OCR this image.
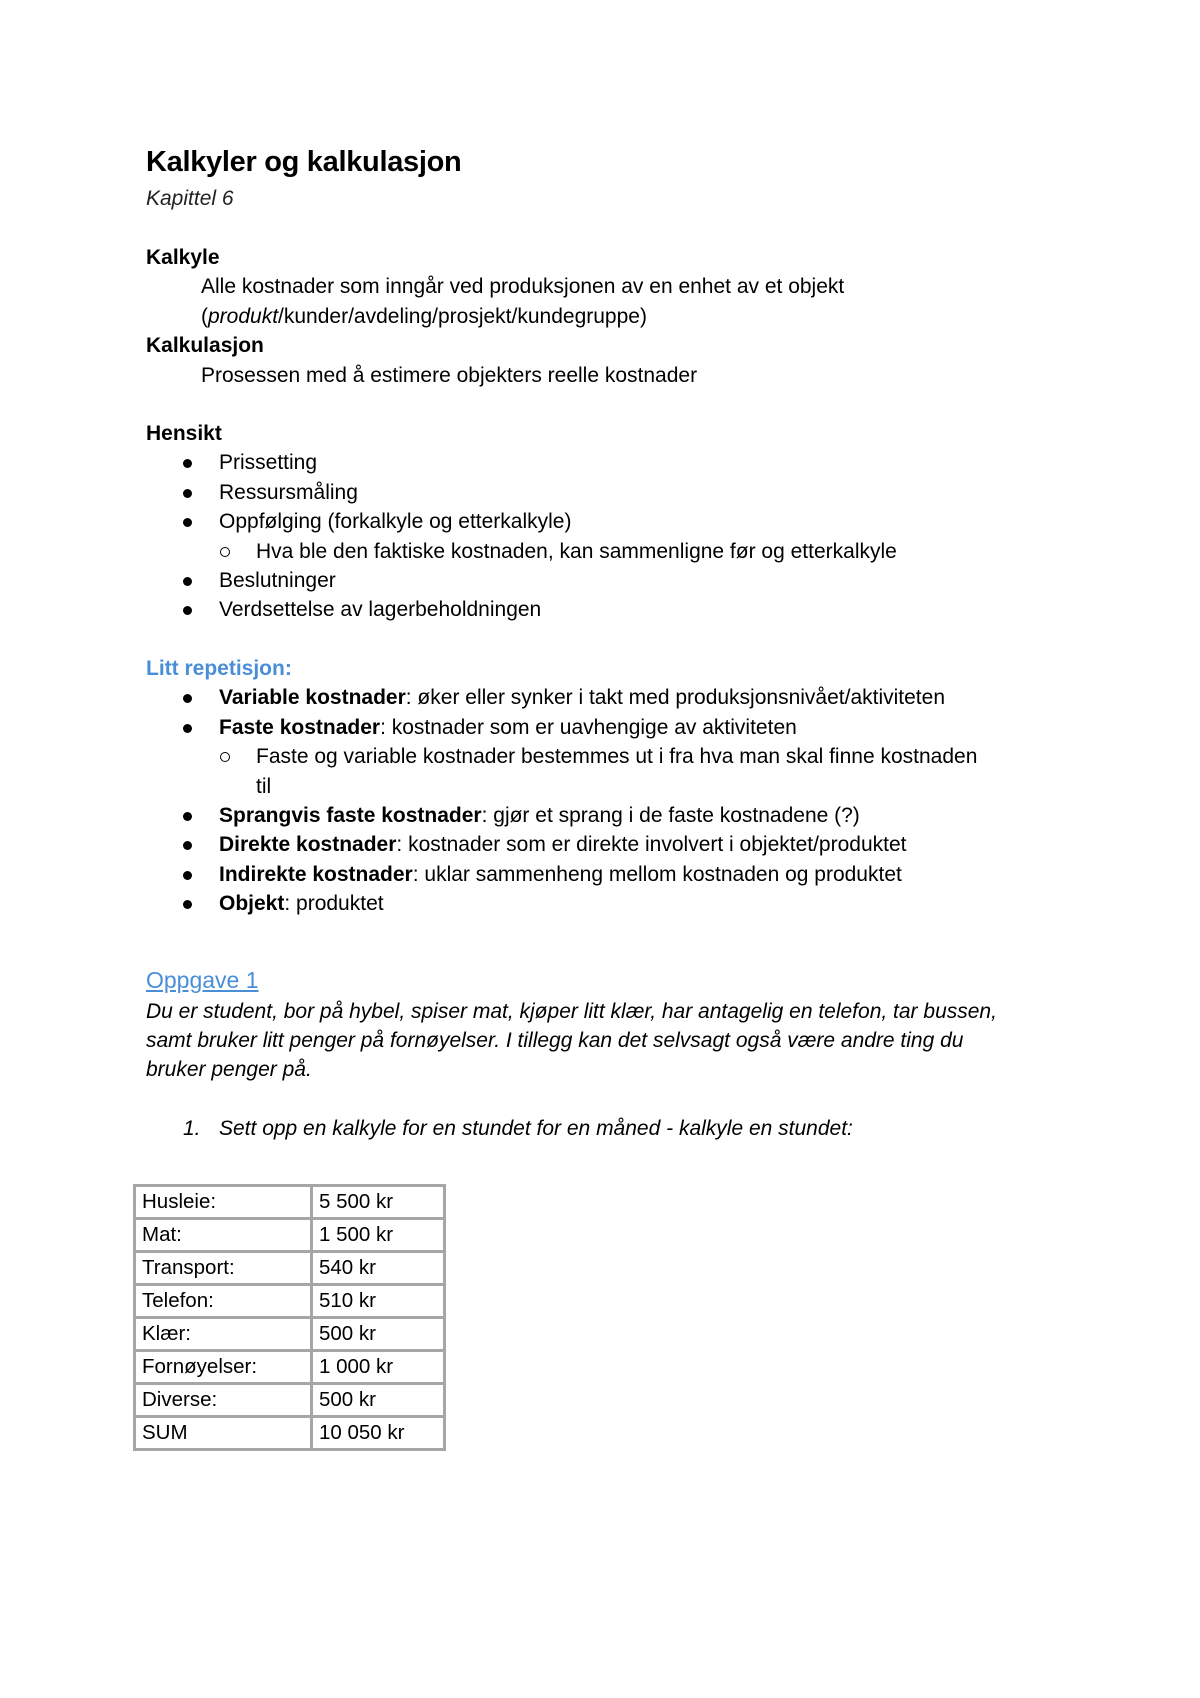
Kalkyler og kalkulasjon

Kapittel 6

Kalkyle

Alle kostnader som inngår ved produksjonen av en enhet av et objekt

(produkt/kunder/avdeling/prosjekt/kundegruppe)

Kalkulasjon

Prosessen med å estimere objekters reelle kostnader

Hensikt

Prissetting
Ressursmåling
Oppfølging (forkalkyle og etterkalkyle)
Hva ble den faktiske kostnaden, kan sammenligne før og etterkalkyle
Beslutninger
Verdsettelse av lagerbeholdningen

Litt repetisjon:

Variable kostnader: øker eller synker i takt med produksjonsnivået/aktiviteten
Faste kostnader: kostnader som er uavhengige av aktiviteten
Faste og variable kostnader bestemmes ut i fra hva man skal finne kostnaden
til
Sprangvis faste kostnader: gjør et sprang i de faste kostnadene (?)
Direkte kostnader: kostnader som er direkte involvert i objektet/produktet
Indirekte kostnader: uklar sammenheng mellom kostnaden og produktet
Objekt: produktet

Oppgave 1

Du er student, bor på hybel, spiser mat, kjøper litt klær, har antagelig en telefon, tar bussen,

samt bruker litt penger på fornøyelser. I tillegg kan det selvsagt også være andre ting du

bruker penger på.

1. Sett opp en kalkyle for en stundet for en måned - kalkyle en stundet:

Husleie:	5 500 kr
Mat:	1 500 kr
Transport:	540 kr
Telefon:	510 kr
Klær:	500 kr
Fornøyelser:	1 000 kr
Diverse:	500 kr
SUM	10 050 kr
